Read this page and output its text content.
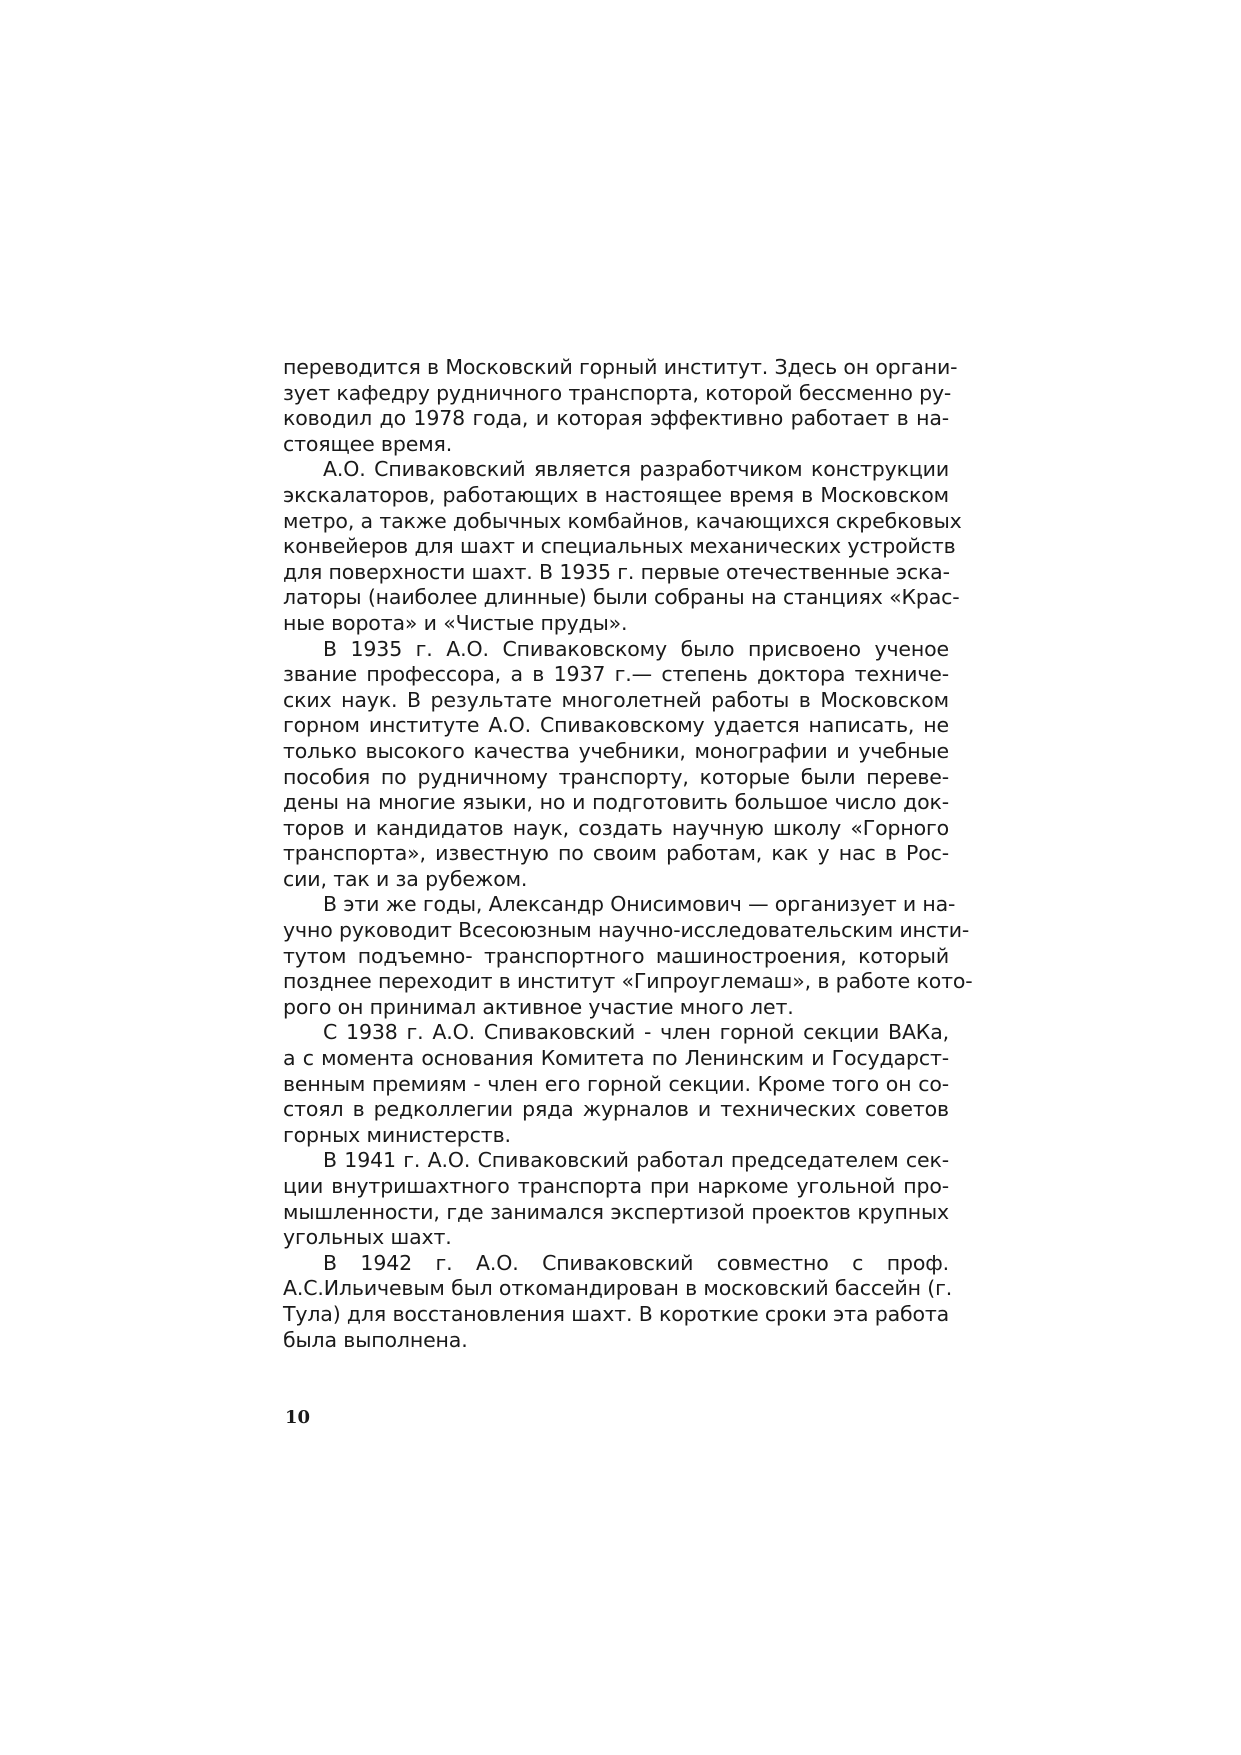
переводится в Московский горный институт. Здесь он органи-
зует кафедру рудничного транспорта, которой бессменно ру-
ководил до 1978 года, и которая эффективно работает в на-
стоящее время.
А.О. Спиваковский является разработчиком конструкции
экскалаторов, работающих в настоящее время в Московском
метро, а также добычных комбайнов, качающихся скребковых
конвейеров для шахт и специальных механических устройств
для поверхности шахт. В 1935 г. первые отечественные эска-
латоры (наиболее длинные) были собраны на станциях «Крас-
ные ворота» и «Чистые пруды».
В 1935 г. А.О. Спиваковскому было присвоено ученое
звание профессора, а в 1937 г.— степень доктора техниче-
ских наук. В результате многолетней работы в Московском
горном институте А.О. Спиваковскому удается написать, не
только высокого качества учебники, монографии и учебные
пособия по рудничному транспорту, которые были переве-
дены на многие языки, но и подготовить большое число док-
торов и кандидатов наук, создать научную школу «Горного
транспорта», известную по своим работам, как у нас в Рос-
сии, так и за рубежом.
В эти же годы, Александр Онисимович — организует и на-
учно руководит Всесоюзным научно-исследовательским инсти-
тутом подъемно- транспортного машиностроения, который
позднее переходит в институт «Гипроуглемаш», в работе кото-
рого он принимал активное участие много лет.
С 1938 г. А.О. Спиваковский - член горной секции ВАКа,
а с момента основания Комитета по Ленинским и Государст-
венным премиям - член его горной секции. Кроме того он со-
стоял в редколлегии ряда журналов и технических советов
горных министерств.
В 1941 г. А.О. Спиваковский работал председателем сек-
ции внутришахтного транспорта при наркоме угольной про-
мышленности, где занимался экспертизой проектов крупных
угольных шахт.
В 1942 г. А.О. Спиваковский совместно с проф.
А.С.Ильичевым был откомандирован в московский бассейн (г.
Тула) для восстановления шахт. В короткие сроки эта работа
была выполнена.
10
